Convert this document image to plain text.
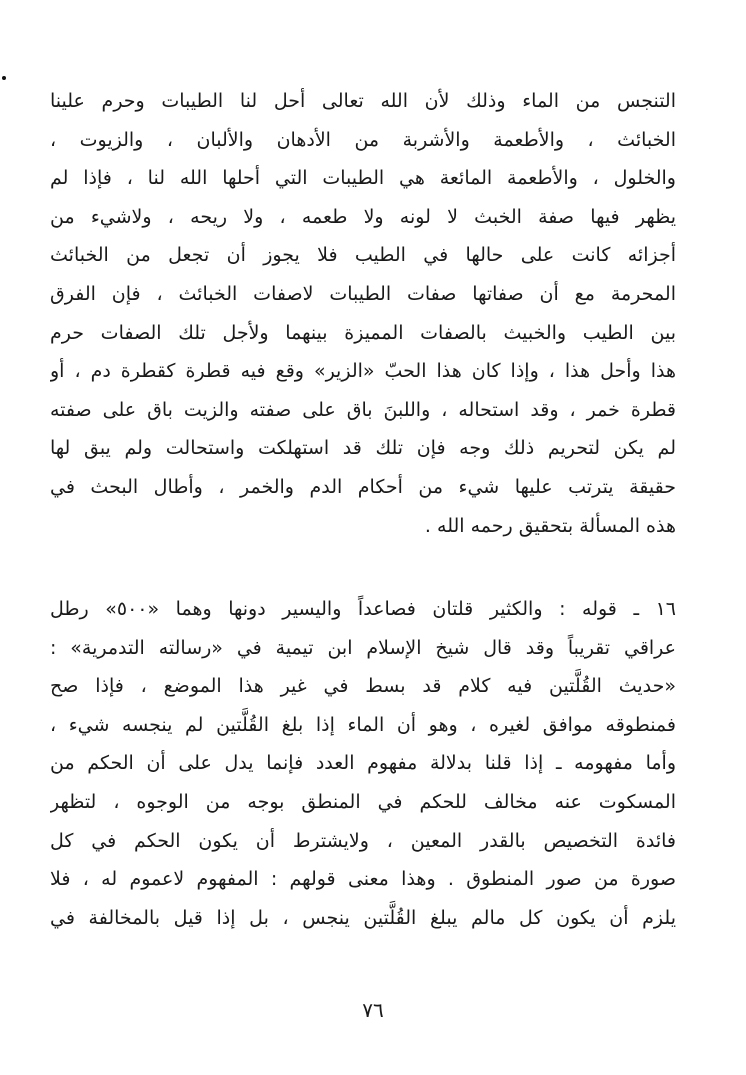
التنجس من الماء وذلك لأن الله تعالى أحل لنا الطيبات وحرم علينا
الخبائث ، والأطعمة والأشربة من الأدهان والألبان ، والزيوت ،
والخلول ، والأطعمة المائعة هي الطيبات التي أحلها الله لنا ، فإذا لم
يظهر فيها صفة الخبث لا لونه ولا طعمه ، ولا ريحه ، ولاشيء من
أجزائه كانت على حالها في الطيب فلا يجوز أن تجعل من الخبائث
المحرمة مع أن صفاتها صفات الطيبات لاصفات الخبائث ، فإن الفرق
بين الطيب والخبيث بالصفات المميزة بينهما ولأجل تلك الصفات حرم
هذا وأحل هذا ، وإذا كان هذا الحبّ «الزير» وقع فيه قطرة كقطرة دم ، أو
قطرة خمر ، وقد استحاله ، واللبنَ باق على صفته والزيت باق على صفته
لم يكن لتحريم ذلك وجه فإن تلك قد استهلكت واستحالت ولم يبق لها
حقيقة يترتب عليها شيء من أحكام الدم والخمر ، وأطال البحث في
هذه المسألة بتحقيق رحمه الله .
١٦ ـ قوله : والكثير قلتان فصاعداً واليسير دونها وهما «٥٠٠» رطل
عراقي تقريباً وقد قال شيخ الإسلام ابن تيمية في «رسالته التدمرية» :
«حديث القُلَّتين فيه كلام قد بسط في غير هذا الموضع ، فإذا صح
فمنطوقه موافق لغيره ، وهو أن الماء إذا بلغ القُلَّتين لم ينجسه شيء ،
وأما مفهومه ـ إذا قلنا بدلالة مفهوم العدد فإنما يدل على أن الحكم من
المسكوت عنه مخالف للحكم في المنطق بوجه من الوجوه ، لتظهر
فائدة التخصيص بالقدر المعين ، ولايشترط أن يكون الحكم في كل
صورة من صور المنطوق . وهذا معنى قولهم : المفهوم لاعموم له ، فلا
يلزم أن يكون كل مالم يبلغ القُلَّتين ينجس ، بل إذا قيل بالمخالفة في
٧٦
